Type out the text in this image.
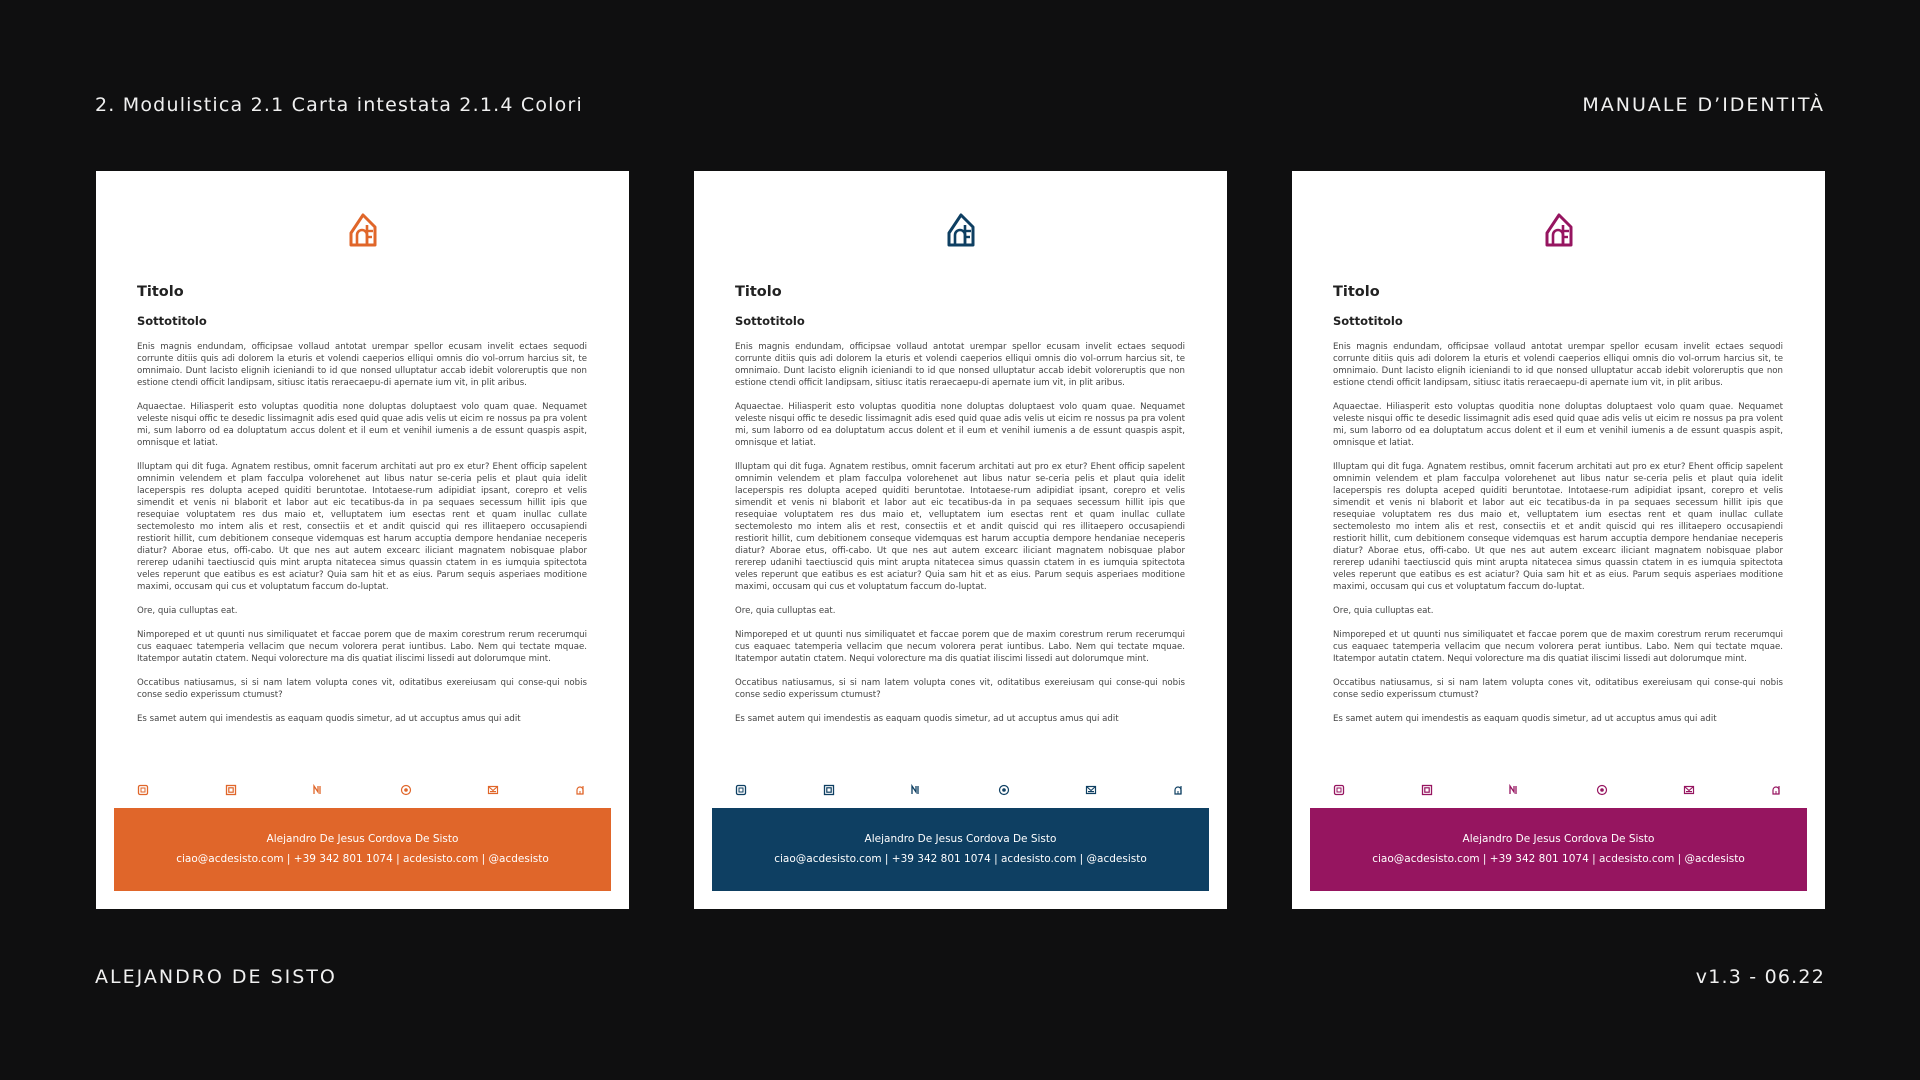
2. Modulistica 2.1 Carta intestata 2.1.4 Colori	MANUALE D’IDENTITÀ
ALEJANDRO DE SISTO	v1.3 - 06.22
Titolo
Sottotitolo

Enis magnis endundam, officipsae vollaud antotat urempar spellor ecusam invelit ectaes sequodi corrunte ditiis quis adi dolorem la eturis et volendi caeperios elliqui omnis dio vol-orrum harcius sit, te omnimaio. Dunt lacisto elignih icieniandi to id que nonsed ulluptatur accab idebit voloreruptis que non estione ctendi officit landipsam, sitiusc itatis reraecaepu-di apernate ium vit, in plit aribus.

Aquaectae. Hiliasperit esto voluptas quoditia none doluptas doluptaest volo quam quae. Nequamet veleste nisqui offic te desedic lissimagnit adis esed quid quae adis velis ut eicim re nossus pa pra volent mi, sum laborro od ea doluptatum accus dolent et il eum et venihil iumenis a de essunt quaspis aspit, omnisque et latiat.

Illuptam qui dit fuga. Agnatem restibus, omnit facerum architati aut pro ex etur? Ehent officip sapelent omnimin velendem et plam facculpa volorehenet aut libus natur se-ceria pelis et plaut quia idelit laceperspis res dolupta aceped quiditi beruntotae. Intotaese-rum adipidiat ipsant, corepro et velis simendit et venis ni blaborit et labor aut eic tecatibus-da in pa sequaes secessum hillit ipis que resequiae voluptatem res dus maio et, velluptatem ium esectas rent et quam inullac cullate sectemolesto mo intem alis et rest, consectiis et et andit quiscid qui res illitaepero occusapiendi restiorit hillit, cum debitionem conseque videmquas est harum accuptia dempore hendaniae neceperis diatur? Aborae etus, offi-cabo. Ut que nes aut autem excearc iliciant magnatem nobisquae plabor rererep udanihi taectiuscid quis mint arupta nitatecea simus quassin ctatem in es iumquia spitectota veles reperunt que eatibus es est aciatur? Quia sam hit et as eius. Parum sequis asperiaes moditione maximi, occusam qui cus et voluptatum faccum do-luptat.

Ore, quia culluptas eat.

Nimporeped et ut quunti nus similiquatet et faccae porem que de maxim corestrum rerum recerumqui cus eaquaec tatemperia vellacim que necum volorera perat iuntibus. Labo. Nem qui tectate mquae. Itatempor autatin ctatem. Nequi volorecture ma dis quatiat iliscimi lissedi aut dolorumque mint.

Occatibus natiusamus, si si nam latem volupta cones vit, oditatibus exereiusam qui conse-qui nobis conse sedio experissum ctumust?

Es samet autem qui imendestis as eaquam quodis simetur, ad ut accuptus amus qui adit

Alejandro De Jesus Cordova De Sisto
ciao@acdesisto.com | +39 342 801 1074 | acdesisto.com | @acdesisto
Titolo
Sottotitolo

Enis magnis endundam, officipsae vollaud antotat urempar spellor ecusam invelit ectaes sequodi corrunte ditiis quis adi dolorem la eturis et volendi caeperios elliqui omnis dio vol-orrum harcius sit, te omnimaio. Dunt lacisto elignih icieniandi to id que nonsed ulluptatur accab idebit voloreruptis que non estione ctendi officit landipsam, sitiusc itatis reraecaepu-di apernate ium vit, in plit aribus.

Aquaectae. Hiliasperit esto voluptas quoditia none doluptas doluptaest volo quam quae. Nequamet veleste nisqui offic te desedic lissimagnit adis esed quid quae adis velis ut eicim re nossus pa pra volent mi, sum laborro od ea doluptatum accus dolent et il eum et venihil iumenis a de essunt quaspis aspit, omnisque et latiat.

Illuptam qui dit fuga. Agnatem restibus, omnit facerum architati aut pro ex etur? Ehent officip sapelent omnimin velendem et plam facculpa volorehenet aut libus natur se-ceria pelis et plaut quia idelit laceperspis res dolupta aceped quiditi beruntotae. Intotaese-rum adipidiat ipsant, corepro et velis simendit et venis ni blaborit et labor aut eic tecatibus-da in pa sequaes secessum hillit ipis que resequiae voluptatem res dus maio et, velluptatem ium esectas rent et quam inullac cullate sectemolesto mo intem alis et rest, consectiis et et andit quiscid qui res illitaepero occusapiendi restiorit hillit, cum debitionem conseque videmquas est harum accuptia dempore hendaniae neceperis diatur? Aborae etus, offi-cabo. Ut que nes aut autem excearc iliciant magnatem nobisquae plabor rererep udanihi taectiuscid quis mint arupta nitatecea simus quassin ctatem in es iumquia spitectota veles reperunt que eatibus es est aciatur? Quia sam hit et as eius. Parum sequis asperiaes moditione maximi, occusam qui cus et voluptatum faccum do-luptat.

Ore, quia culluptas eat.

Nimporeped et ut quunti nus similiquatet et faccae porem que de maxim corestrum rerum recerumqui cus eaquaec tatemperia vellacim que necum volorera perat iuntibus. Labo. Nem qui tectate mquae. Itatempor autatin ctatem. Nequi volorecture ma dis quatiat iliscimi lissedi aut dolorumque mint.

Occatibus natiusamus, si si nam latem volupta cones vit, oditatibus exereiusam qui conse-qui nobis conse sedio experissum ctumust?

Es samet autem qui imendestis as eaquam quodis simetur, ad ut accuptus amus qui adit

Alejandro De Jesus Cordova De Sisto
ciao@acdesisto.com | +39 342 801 1074 | acdesisto.com | @acdesisto
Titolo
Sottotitolo

Enis magnis endundam, officipsae vollaud antotat urempar spellor ecusam invelit ectaes sequodi corrunte ditiis quis adi dolorem la eturis et volendi caeperios elliqui omnis dio vol-orrum harcius sit, te omnimaio. Dunt lacisto elignih icieniandi to id que nonsed ulluptatur accab idebit voloreruptis que non estione ctendi officit landipsam, sitiusc itatis reraecaepu-di apernate ium vit, in plit aribus.

Aquaectae. Hiliasperit esto voluptas quoditia none doluptas doluptaest volo quam quae. Nequamet veleste nisqui offic te desedic lissimagnit adis esed quid quae adis velis ut eicim re nossus pa pra volent mi, sum laborro od ea doluptatum accus dolent et il eum et venihil iumenis a de essunt quaspis aspit, omnisque et latiat.

Illuptam qui dit fuga. Agnatem restibus, omnit facerum architati aut pro ex etur? Ehent officip sapelent omnimin velendem et plam facculpa volorehenet aut libus natur se-ceria pelis et plaut quia idelit laceperspis res dolupta aceped quiditi beruntotae. Intotaese-rum adipidiat ipsant, corepro et velis simendit et venis ni blaborit et labor aut eic tecatibus-da in pa sequaes secessum hillit ipis que resequiae voluptatem res dus maio et, velluptatem ium esectas rent et quam inullac cullate sectemolesto mo intem alis et rest, consectiis et et andit quiscid qui res illitaepero occusapiendi restiorit hillit, cum debitionem conseque videmquas est harum accuptia dempore hendaniae neceperis diatur? Aborae etus, offi-cabo. Ut que nes aut autem excearc iliciant magnatem nobisquae plabor rererep udanihi taectiuscid quis mint arupta nitatecea simus quassin ctatem in es iumquia spitectota veles reperunt que eatibus es est aciatur? Quia sam hit et as eius. Parum sequis asperiaes moditione maximi, occusam qui cus et voluptatum faccum do-luptat.

Ore, quia culluptas eat.

Nimporeped et ut quunti nus similiquatet et faccae porem que de maxim corestrum rerum recerumqui cus eaquaec tatemperia vellacim que necum volorera perat iuntibus. Labo. Nem qui tectate mquae. Itatempor autatin ctatem. Nequi volorecture ma dis quatiat iliscimi lissedi aut dolorumque mint.

Occatibus natiusamus, si si nam latem volupta cones vit, oditatibus exereiusam qui conse-qui nobis conse sedio experissum ctumust?

Es samet autem qui imendestis as eaquam quodis simetur, ad ut accuptus amus qui adit

Alejandro De Jesus Cordova De Sisto
ciao@acdesisto.com | +39 342 801 1074 | acdesisto.com | @acdesisto
